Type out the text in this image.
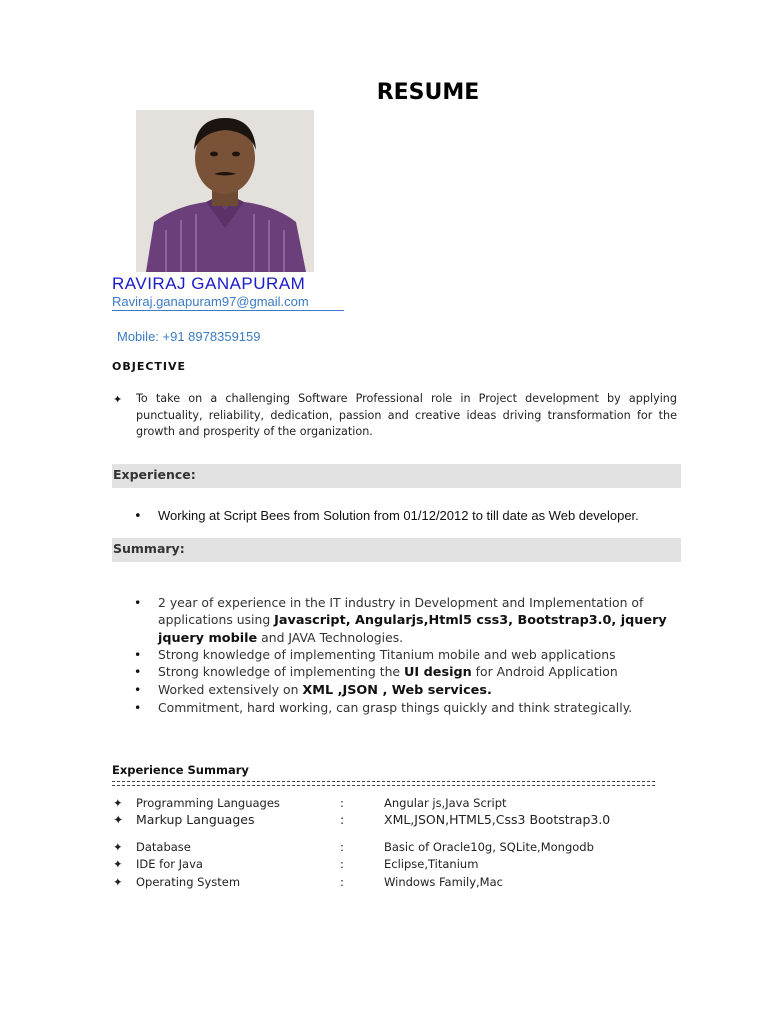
RESUME
RAVIRAJ GANAPURAM
Raviraj.ganapuram97@gmail.com
Mobile: +91 8978359159
OBJECTIVE
✦ To take on a challenging Software Professional role in Project development by applying punctuality, reliability, dedication, passion and creative ideas driving transformation for the growth and prosperity of the organization.
Experience:
• Working at Script Bees from Solution from 01/12/2012 to till date as Web developer.
Summary:
• 2 year of experience in the IT industry in Development and Implementation of applications using Javascript, Angularjs,Html5 css3, Bootstrap3.0, jquery jquery mobile and JAVA Technologies.
• Strong knowledge of implementing Titanium mobile and web applications
• Strong knowledge of implementing the UI design for Android Application
• Worked extensively on XML ,JSON , Web services.
• Commitment, hard working, can grasp things quickly and think strategically.
Experience Summary
✦ Programming Languages	:	Angular js,Java Script
✦ Markup Languages	:	XML,JSON,HTML5,Css3 Bootstrap3.0
✦ Database	:	Basic of Oracle10g, SQLite,Mongodb
✦ IDE for Java	:	Eclipse,Titanium
✦ Operating System	:	Windows Family,Mac
